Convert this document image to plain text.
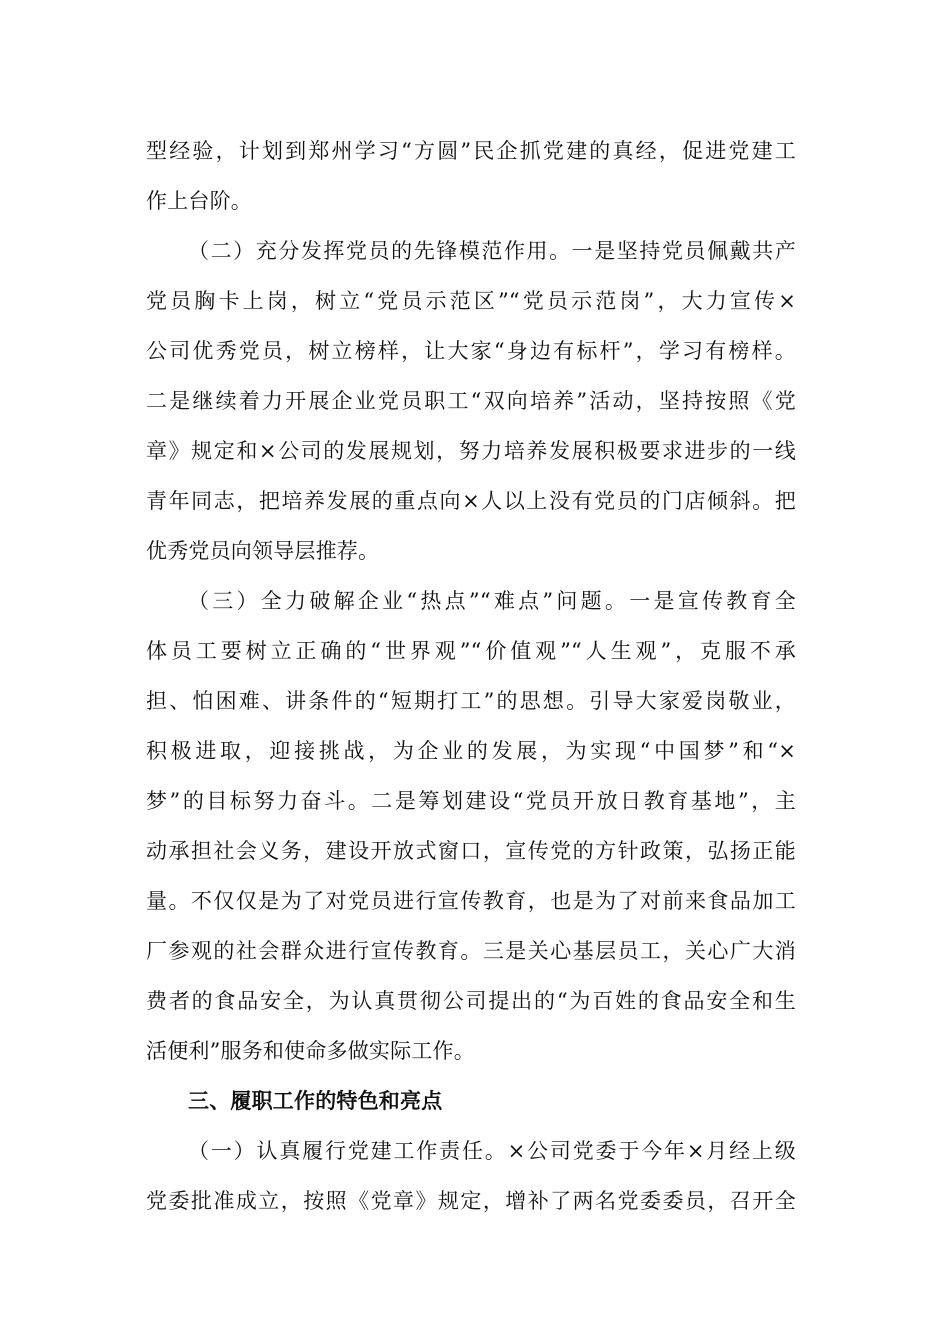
型经验，计划到郑州学习“方圆”民企抓党建的真经，促进党建工
作上台阶。
（二）充分发挥党员的先锋模范作用。一是坚持党员佩戴共产
党员胸卡上岗，树立“党员示范区”“党员示范岗”，大力宣传×
公司优秀党员，树立榜样，让大家“身边有标杆”，学习有榜样。
二是继续着力开展企业党员职工“双向培养”活动，坚持按照《党
章》规定和×公司的发展规划，努力培养发展积极要求进步的一线
青年同志，把培养发展的重点向×人以上没有党员的门店倾斜。把
优秀党员向领导层推荐。
（三）全力破解企业“热点”“难点”问题。一是宣传教育全
体员工要树立正确的“世界观”“价值观”“人生观”，克服不承
担、怕困难、讲条件的“短期打工”的思想。引导大家爱岗敬业，
积极进取，迎接挑战，为企业的发展，为实现“中国梦”和“×
梦”的目标努力奋斗。二是筹划建设“党员开放日教育基地”，主
动承担社会义务，建设开放式窗口，宣传党的方针政策，弘扬正能
量。不仅仅是为了对党员进行宣传教育，也是为了对前来食品加工
厂参观的社会群众进行宣传教育。三是关心基层员工，关心广大消
费者的食品安全，为认真贯彻公司提出的“为百姓的食品安全和生
活便利”服务和使命多做实际工作。
三、履职工作的特色和亮点
（一）认真履行党建工作责任。×公司党委于今年×月经上级
党委批准成立，按照《党章》规定，增补了两名党委委员，召开全
